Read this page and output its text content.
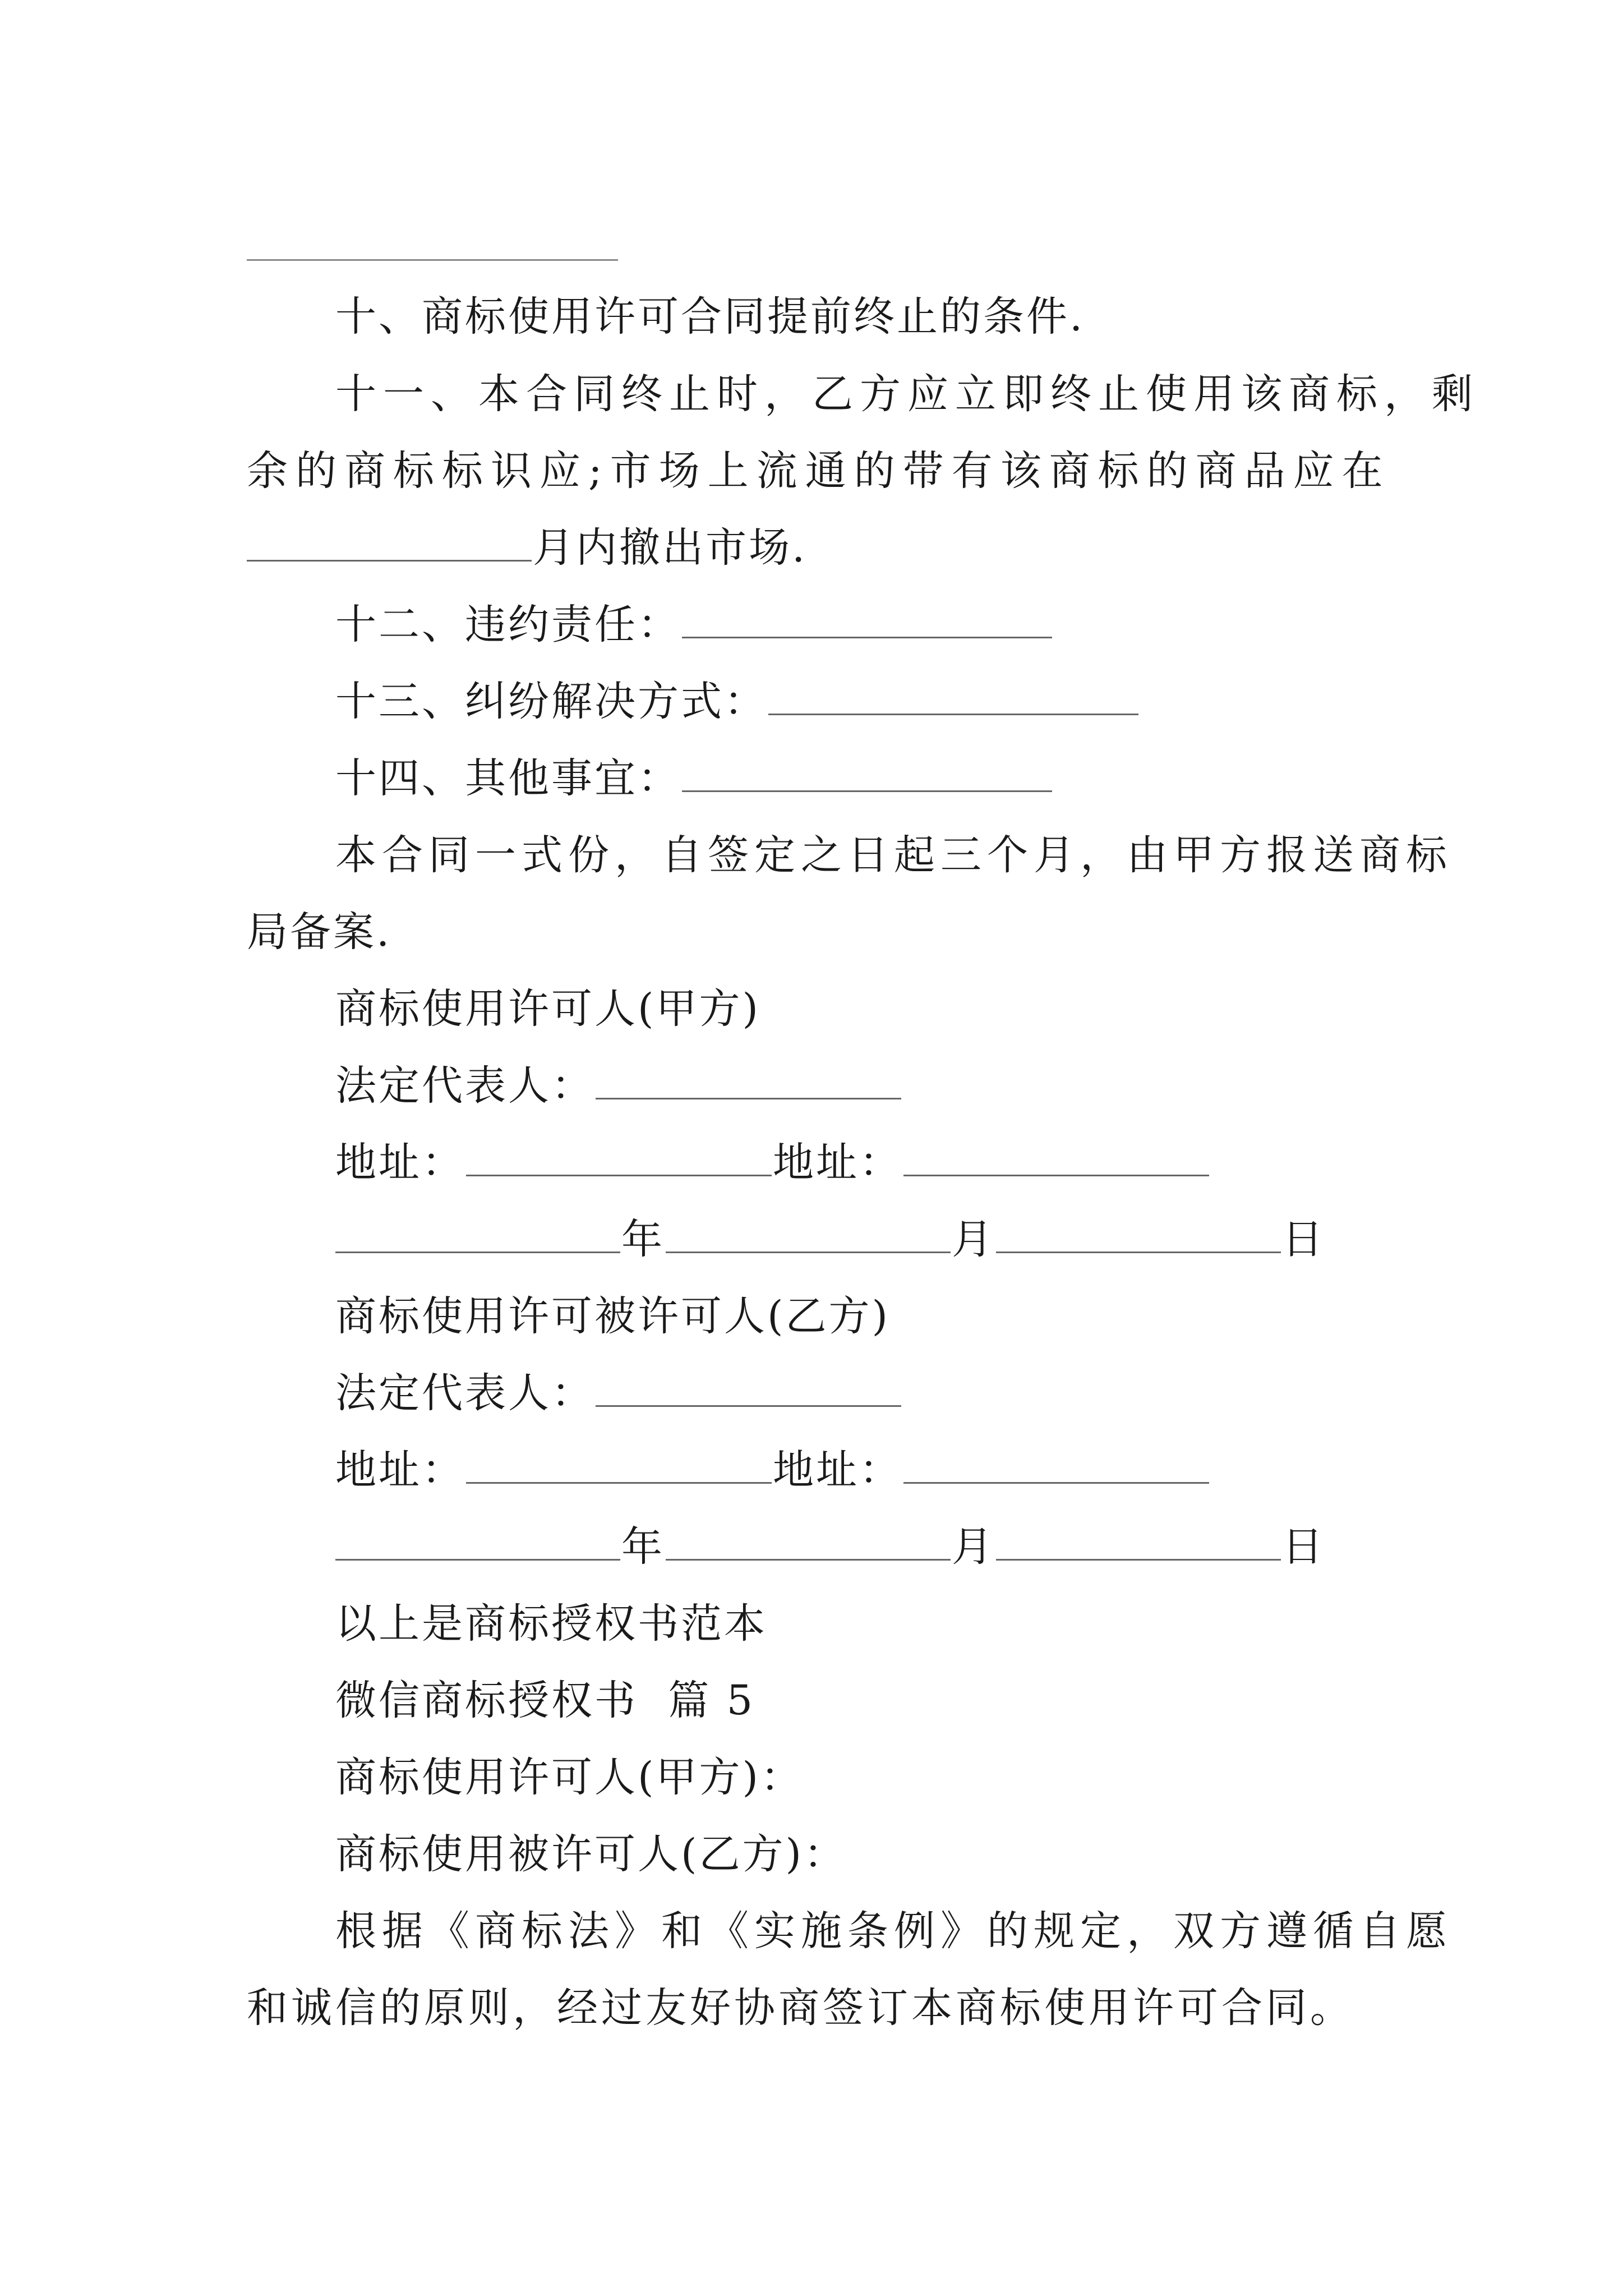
十、商标使用许可合同提前终止的条件.
十一、本合同终止时，乙方应立即终止使用该商标，剩
余的商标标识应;市场上流通的带有该商标的商品应在
月内撤出市场.
十二、违约责任：
十三、纠纷解决方式：
十四、其他事宜：
本合同一式份，自签定之日起三个月，由甲方报送商标
局备案.
商标使用许可人(甲方)
法定代表人：
地址：	地址：
年	月	日
商标使用许可被许可人(乙方)
法定代表人：
地址：	地址：
年	月	日
以上是商标授权书范本
微信商标授权书  篇 5
商标使用许可人(甲方)：
商标使用被许可人(乙方)：
根据《商标法》和《实施条例》的规定，双方遵循自愿
和诚信的原则，经过友好协商签订本商标使用许可合同。
